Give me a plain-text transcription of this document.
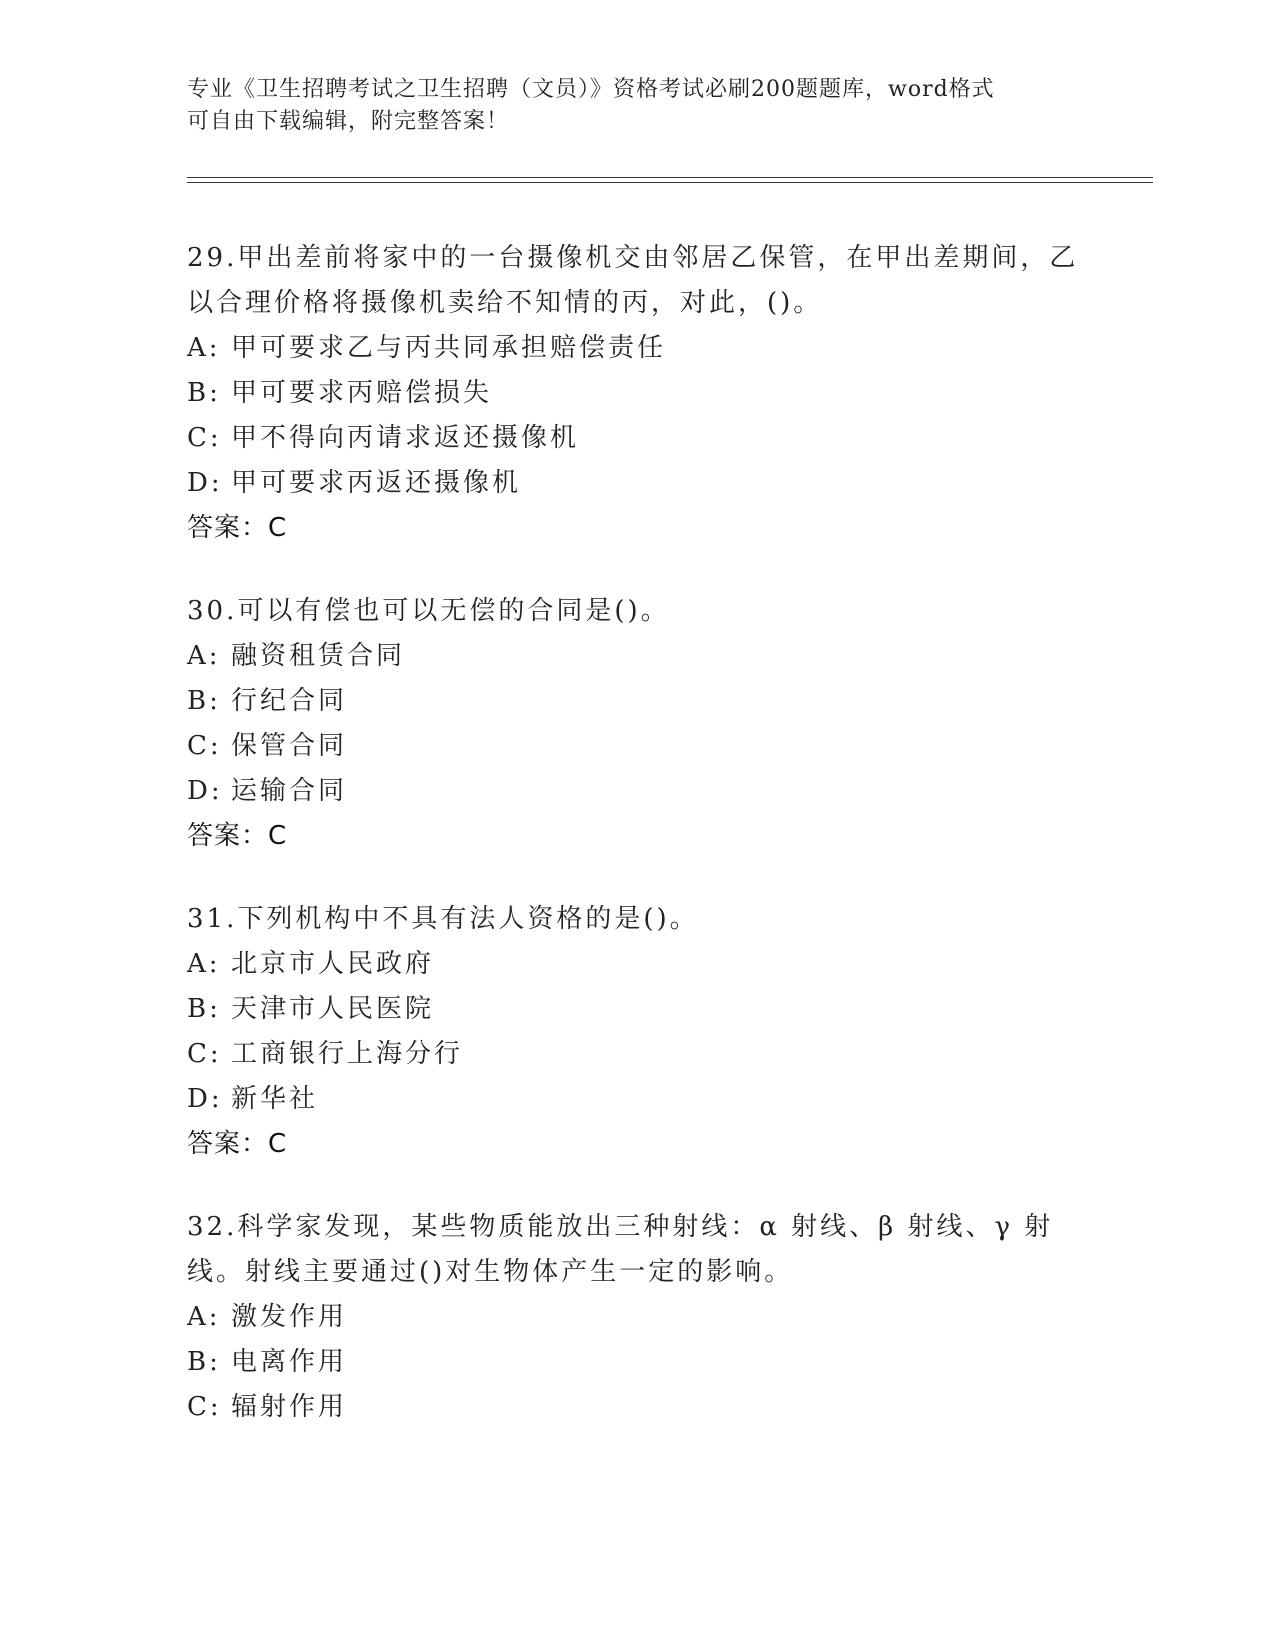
专业《卫生招聘考试之卫生招聘（文员）》资格考试必刷200题题库，word格式
可自由下载编辑，附完整答案！
29.甲出差前将家中的一台摄像机交由邻居乙保管，在甲出差期间，乙
以合理价格将摄像机卖给不知情的丙，对此，()。
A: 甲可要求乙与丙共同承担赔偿责任
B: 甲可要求丙赔偿损失
C: 甲不得向丙请求返还摄像机
D: 甲可要求丙返还摄像机
答案：C
30.可以有偿也可以无偿的合同是()。
A: 融资租赁合同
B: 行纪合同
C: 保管合同
D: 运输合同
答案：C
31.下列机构中不具有法人资格的是()。
A: 北京市人民政府
B: 天津市人民医院
C: 工商银行上海分行
D: 新华社
答案：C
32.科学家发现，某些物质能放出三种射线：α 射线、β 射线、γ 射
线。射线主要通过()对生物体产生一定的影响。
A: 激发作用
B: 电离作用
C: 辐射作用
